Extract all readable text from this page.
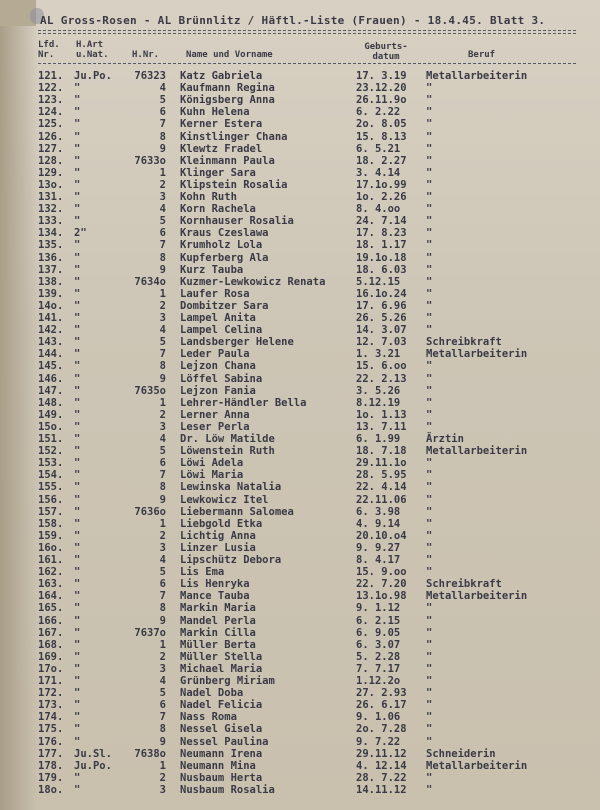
AL Gross-Rosen - AL Brünnlitz / Häftl.-Liste (Frauen) - 18.4.45. Blatt 3.
Lfd.
Nr.
H.Art
u.Nat.	H.Nr.	Name und Vorname
Geburts-
datum	Beruf
121. Ju.Po.	76323 Katz Gabriela	17. 3.19 Metallarbeiterin
122. "	4 Kaufmann Regina	23.12.20 "
123. "	5 Königsberg Anna	26.11.9o "
124. "	6 Kuhn Helena	6. 2.22 "
125. "	7 Kerner Estera	2o. 8.05 "
126. "	8 Kinstlinger Chana	15. 8.13 "
127. "	9 Klewtz Fradel	6. 5.21 "
128. "	7633o Kleinmann Paula	18. 2.27 "
129. "	1 Klinger Sara	3. 4.14 "
13o. "	2 Klipstein Rosalia	17.1o.99 "
131. "	3 Kohn Ruth	1o. 2.26 "
132. "	4 Korn Rachela	8. 4.oo "
133. "	5 Kornhauser Rosalia	24. 7.14 "
134. 2"	6 Kraus Czeslawa	17. 8.23 "
135. "	7 Krumholz Lola	18. 1.17 "
136. "	8 Kupferberg Ala	19.1o.18 "
137. "	9 Kurz Tauba	18. 6.03 "
138. "	7634o Kuzmer-Lewkowicz Renata	5.12.15 "
139. "	1 Laufer Rosa	16.1o.24 "
14o. "	2 Dombitzer Sara	17. 6.96 "
141. "	3 Lampel Anita	26. 5.26 "
142. "	4 Lampel Celina	14. 3.07 "
143. "	5 Landsberger Helene	12. 7.03 Schreibkraft
144. "	7 Leder Paula	1. 3.21 Metallarbeiterin
145. "	8 Lejzon Chana	15. 6.oo "
146. "	9 Löffel Sabina	22. 2.13 "
147. "	7635o Lejzon Fania	3. 5.26 "
148. "	1 Lehrer-Händler Bella	8.12.19 "
149. "	2 Lerner Anna	1o. 1.13 "
15o. "	3 Leser Perla	13. 7.11 "
151. "	4 Dr. Löw Matilde	6. 1.99 Ärztin
152. "	5 Löwenstein Ruth	18. 7.18 Metallarbeiterin
153. "	6 Löwi Adela	29.11.1o "
154. "	7 Löwi Maria	28. 5.95 "
155. "	8 Lewinska Natalia	22. 4.14 "
156. "	9 Lewkowicz Itel	22.11.06 "
157. "	7636o Liebermann Salomea	6. 3.98 "
158. "	1 Liebgold Etka	4. 9.14 "
159. "	2 Lichtig Anna	20.10.o4 "
16o. "	3 Linzer Lusia	9. 9.27 "
161. "	4 Lipschütz Debora	8. 4.17 "
162. "	5 Lis Ema	15. 9.oo "
163. "	6 Lis Henryka	22. 7.20 Schreibkraft
164. "	7 Mance Tauba	13.1o.98 Metallarbeiterin
165. "	8 Markin Maria	9. 1.12 "
166. "	9 Mandel Perla	6. 2.15 "
167. "	7637o Markin Cilla	6. 9.05 "
168. "	1 Müller Berta	6. 3.07 "
169. "	2 Müller Stella	5. 2.28 "
17o. "	3 Michael Maria	7. 7.17 "
171. "	4 Grünberg Miriam	1.12.2o "
172. "	5 Nadel Doba	27. 2.93 "
173. "	6 Nadel Felicia	26. 6.17 "
174. "	7 Nass Roma	9. 1.06 "
175. "	8 Nessel Gisela	2o. 7.28 "
176. "	9 Nessel Paulina	9. 7.22 "
177. Ju.Sl.	7638o Neumann Irena	29.11.12 Schneiderin
178. Ju.Po.	1 Neumann Mina	4. 12.14 Metallarbeiterin
179. "	2 Nusbaum Herta	28. 7.22 "
18o. "	3 Nusbaum Rosalia	14.11.12 "
